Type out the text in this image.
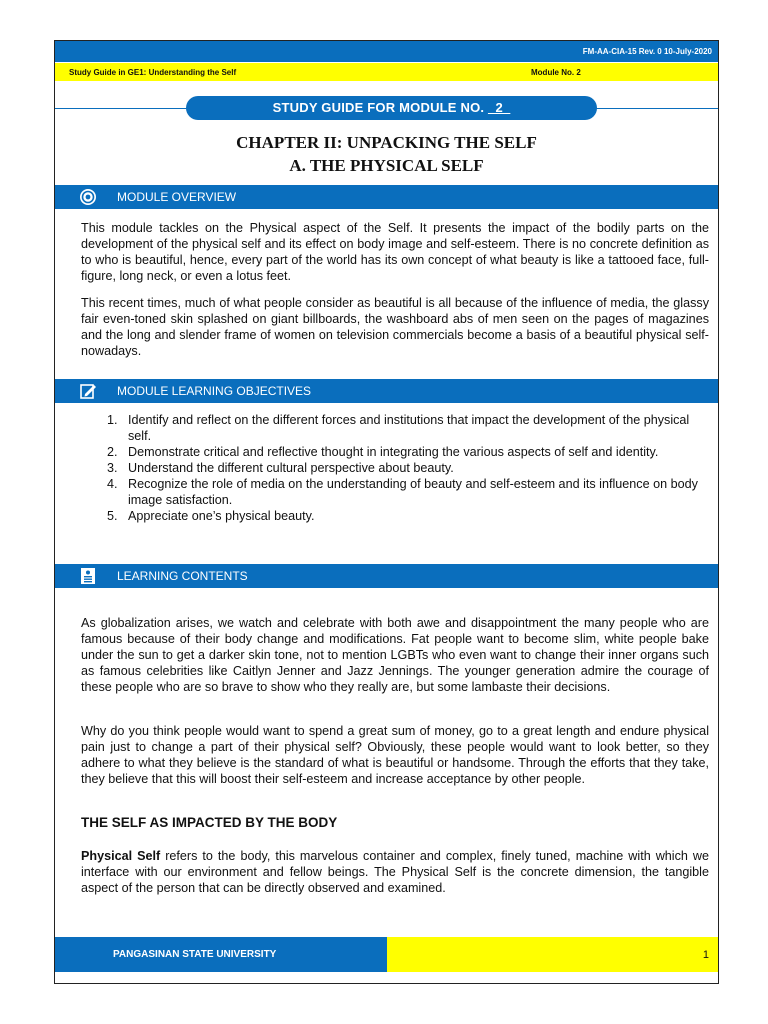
FM-AA-CIA-15 Rev. 0 10-July-2020
Study Guide in GE1: Understanding the Self	Module No. 2
STUDY GUIDE FOR MODULE NO. _2_
CHAPTER II: UNPACKING THE SELF
A. THE PHYSICAL SELF
MODULE OVERVIEW
This module tackles on the Physical aspect of the Self. It presents the impact of the bodily parts on the development of the physical self and its effect on body image and self-esteem. There is no concrete definition as to who is beautiful, hence, every part of the world has its own concept of what beauty is like a tattooed face, full-figure, long neck, or even a lotus feet.
This recent times, much of what people consider as beautiful is all because of the influence of media, the glassy fair even-toned skin splashed on giant billboards, the washboard abs of men seen on the pages of magazines and the long and slender frame of women on television commercials become a basis of a beautiful physical self-nowadays.
MODULE LEARNING OBJECTIVES
1. Identify and reflect on the different forces and institutions that impact the development of the physical self.
2. Demonstrate critical and reflective thought in integrating the various aspects of self and identity.
3. Understand the different cultural perspective about beauty.
4. Recognize the role of media on the understanding of beauty and self-esteem and its influence on body image satisfaction.
5. Appreciate one’s physical beauty.
LEARNING CONTENTS
As globalization arises, we watch and celebrate with both awe and disappointment the many people who are famous because of their body change and modifications. Fat people want to become slim, white people bake under the sun to get a darker skin tone, not to mention LGBTs who even want to change their inner organs such as famous celebrities like Caitlyn Jenner and Jazz Jennings. The younger generation admire the courage of these people who are so brave to show who they really are, but some lambaste their decisions.
Why do you think people would want to spend a great sum of money, go to a great length and endure physical pain just to change a part of their physical self? Obviously, these people would want to look better, so they adhere to what they believe is the standard of what is beautiful or handsome. Through the efforts that they take, they believe that this will boost their self-esteem and increase acceptance by other people.
THE SELF AS IMPACTED BY THE BODY
Physical Self refers to the body, this marvelous container and complex, finely tuned, machine with which we interface with our environment and fellow beings. The Physical Self is the concrete dimension, the tangible aspect of the person that can be directly observed and examined.
PANGASINAN STATE UNIVERSITY	1
